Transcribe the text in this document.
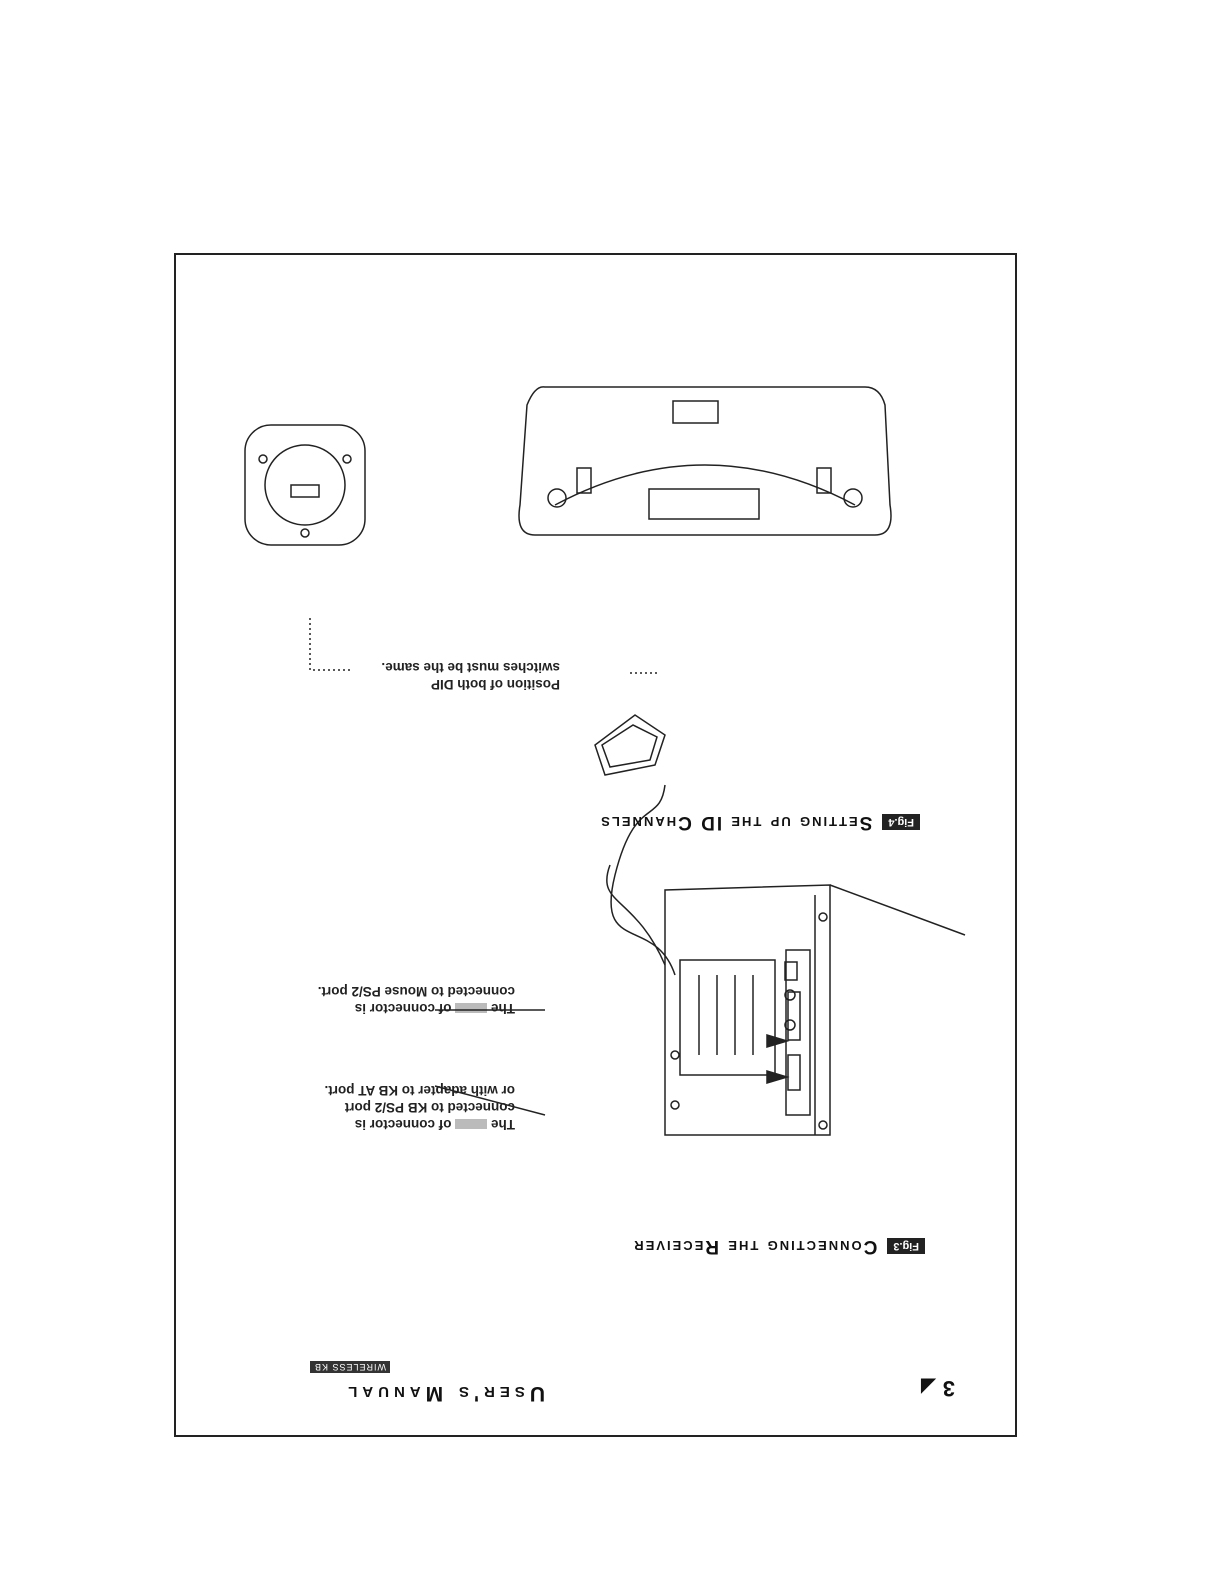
3 ◢
User's Manual
WIRELESS KB
Fig.3Connecting the Receiver
The  of connector is
connected to KB PS/2 port
or with adapter to KB AT port.
The  of connector is
connected to Mouse PS/2 port.
Fig.4Setting up the ID Channels
Position of both DIP
switches must be the same.
